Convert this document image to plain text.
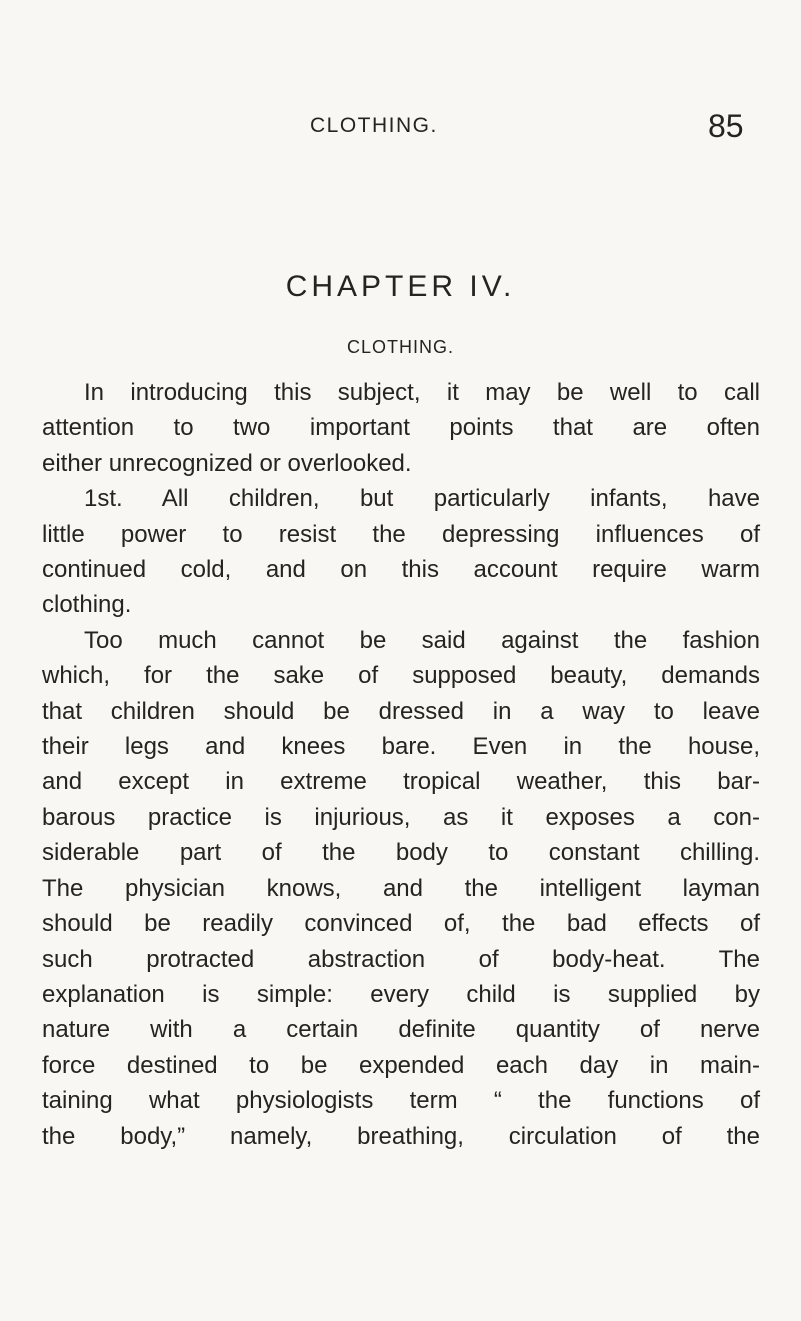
CLOTHING.	85
CHAPTER IV.
CLOTHING.
In introducing this subject, it may be well to call
attention to two important points that are often
either unrecognized or overlooked.
1st. All children, but particularly infants, have
little power to resist the depressing influences of
continued cold, and on this account require warm
clothing.
Too much cannot be said against the fashion
which, for the sake of supposed beauty, demands
that children should be dressed in a way to leave
their legs and knees bare. Even in the house,
and except in extreme tropical weather, this bar-
barous practice is injurious, as it exposes a con-
siderable part of the body to constant chilling.
The physician knows, and the intelligent layman
should be readily convinced of, the bad effects of
such protracted abstraction of body-heat. The
explanation is simple: every child is supplied by
nature with a certain definite quantity of nerve
force destined to be expended each day in main-
taining what physiologists term “ the functions of
the body,” namely, breathing, circulation of the
